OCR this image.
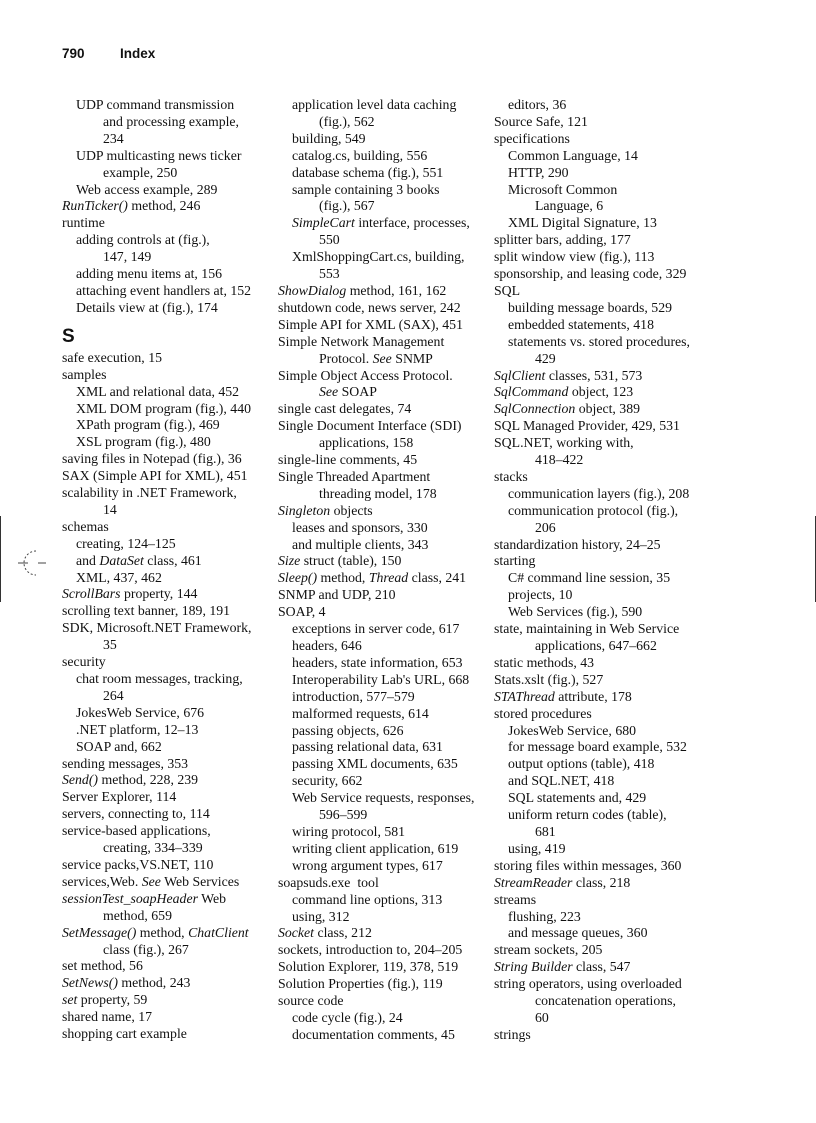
790	Index

UDP command transmission

and processing example,

234

UDP multicasting news ticker

example, 250

Web access example, 289

RunTicker() method, 246

runtime

adding controls at (fig.),

147, 149

adding menu items at, 156

attaching event handlers at, 152

Details view at (fig.), 174

S

safe execution, 15

samples

XML and relational data, 452

XML DOM program (fig.), 440

XPath program (fig.), 469

XSL program (fig.), 480

saving files in Notepad (fig.), 36

SAX (Simple API for XML), 451

scalability in .NET Framework,

14

schemas

creating, 124–125

and DataSet class, 461

XML, 437, 462

ScrollBars property, 144

scrolling text banner, 189, 191

SDK, Microsoft.NET Framework,

35

security

chat room messages, tracking,

264

JokesWeb Service, 676

.NET platform, 12–13

SOAP and, 662

sending messages, 353

Send() method, 228, 239

Server Explorer, 114

servers, connecting to, 114

service-based applications,

creating, 334–339

service packs,VS.NET, 110

services,Web. See Web Services

sessionTest_soapHeader Web

method, 659

SetMessage() method, ChatClient

class (fig.), 267

set method, 56

SetNews() method, 243

set property, 59

shared name, 17

shopping cart example

application level data caching

(fig.), 562

building, 549

catalog.cs, building, 556

database schema (fig.), 551

sample containing 3 books

(fig.), 567

SimpleCart interface, processes,

550

XmlShoppingCart.cs, building,

553

ShowDialog method, 161, 162

shutdown code, news server, 242

Simple API for XML (SAX), 451

Simple Network Management

Protocol. See SNMP

Simple Object Access Protocol.

See SOAP

single cast delegates, 74

Single Document Interface (SDI)

applications, 158

single-line comments, 45

Single Threaded Apartment

threading model, 178

Singleton objects

leases and sponsors, 330

and multiple clients, 343

Size struct (table), 150

Sleep() method, Thread class, 241

SNMP and UDP, 210

SOAP, 4

exceptions in server code, 617

headers, 646

headers, state information, 653

Interoperability Lab's URL, 668

introduction, 577–579

malformed requests, 614

passing objects, 626

passing relational data, 631

passing XML documents, 635

security, 662

Web Service requests, responses,

596–599

wiring protocol, 581

writing client application, 619

wrong argument types, 617

soapsuds.exe  tool

command line options, 313

using, 312

Socket class, 212

sockets, introduction to, 204–205

Solution Explorer, 119, 378, 519

Solution Properties (fig.), 119

source code

code cycle (fig.), 24

documentation comments, 45

editors, 36

Source Safe, 121

specifications

Common Language, 14

HTTP, 290

Microsoft Common

Language, 6

XML Digital Signature, 13

splitter bars, adding, 177

split window view (fig.), 113

sponsorship, and leasing code, 329

SQL

building message boards, 529

embedded statements, 418

statements vs. stored procedures,

429

SqlClient classes, 531, 573

SqlCommand object, 123

SqlConnection object, 389

SQL Managed Provider, 429, 531

SQL.NET, working with,

418–422

stacks

communication layers (fig.), 208

communication protocol (fig.),

206

standardization history, 24–25

starting

C# command line session, 35

projects, 10

Web Services (fig.), 590

state, maintaining in Web Service

applications, 647–662

static methods, 43

Stats.xslt (fig.), 527

STAThread attribute, 178

stored procedures

JokesWeb Service, 680

for message board example, 532

output options (table), 418

and SQL.NET, 418

SQL statements and, 429

uniform return codes (table),

681

using, 419

storing files within messages, 360

StreamReader class, 218

streams

flushing, 223

and message queues, 360

stream sockets, 205

String Builder class, 547

string operators, using overloaded

concatenation operations,

60

strings
